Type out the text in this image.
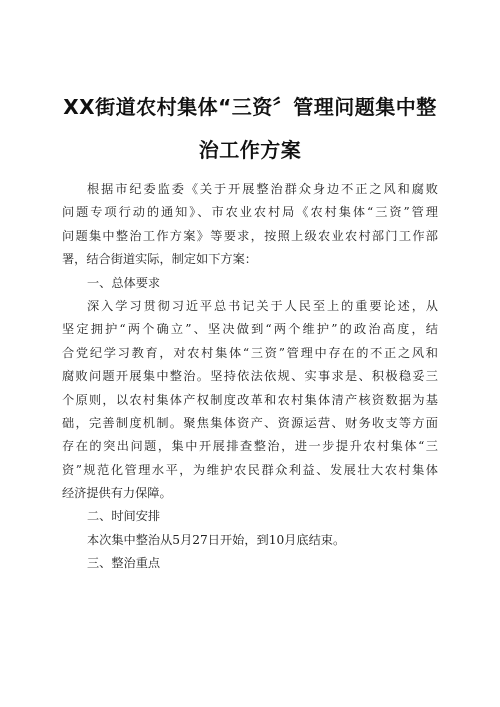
XX街道农村集体“三资〞管理问题集中整
治工作方案
根据市纪委监委《关于开展整治群众身边不正之风和腐败
问题专项行动的通知》、市农业农村局《农村集体“三资”管理
问题集中整治工作方案》等要求，按照上级农业农村部门工作部
署，结合街道实际，制定如下方案：
一、总体要求
深入学习贯彻习近平总书记关于人民至上的重要论述，从
坚定拥护“两个确立”、坚决做到“两个维护”的政治高度，结
合党纪学习教育，对农村集体“三资”管理中存在的不正之风和
腐败问题开展集中整治。坚持依法依规、实事求是、积极稳妥三
个原则，以农村集体产权制度改革和农村集体清产核资数据为基
础，完善制度机制。聚焦集体资产、资源运营、财务收支等方面
存在的突出问题，集中开展排查整治，进一步提升农村集体“三
资”规范化管理水平，为维护农民群众利益、发展壮大农村集体
经济提供有力保障。
二、时间安排
本次集中整治从5月27日开始，到10月底结束。
三、整治重点
